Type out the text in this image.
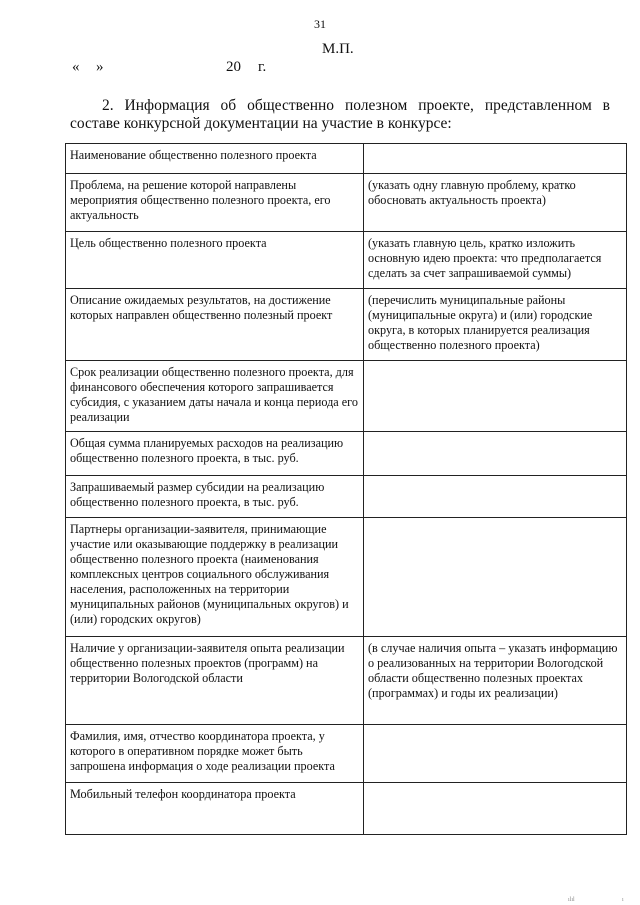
31
М.П.
« »	20 г.
2. Информация об общественно полезном проекте, представленном в составе конкурсной документации на участие в конкурсе:
Наименование общественно полезного проекта	
Проблема, на решение которой направлены мероприятия общественно полезного проекта, его актуальность	(указать одну главную проблему, кратко обосновать актуальность проекта)
Цель общественно полезного проекта	(указать главную цель, кратко изложить основную идею проекта: что предполагается сделать за счет запрашиваемой суммы)
Описание ожидаемых результатов, на достижение которых направлен общественно полезный проект	(перечислить муниципальные районы (муниципальные округа) и (или) городские округа, в которых планируется реализация общественно полезного проекта)
Срок реализации общественно полезного проекта, для финансового обеспечения которого запрашивается субсидия, с указанием даты начала и конца периода его реализации	
Общая сумма планируемых расходов на реализацию общественно полезного проекта, в тыс. руб.	
Запрашиваемый размер субсидии на реализацию общественно полезного проекта, в тыс. руб.	
Партнеры организации-заявителя, принимающие участие или оказывающие поддержку в реализации общественно полезного проекта (наименования комплексных центров социального обслуживания населения, расположенных на территории муниципальных районов (муниципальных округов) и (или) городских округов)	
Наличие у организации-заявителя опыта реализации общественно полезных проектов (программ) на территории Вологодской области	(в случае наличия опыта – указать информацию о реализованных на территории Вологодской области общественно полезных проектах (программах) и годы их реализации)
Фамилия, имя, отчество координатора проекта, у которого в оперативном порядке может быть запрошена информация о ходе реализации проекта	
Мобильный телефон координатора проекта	
ılıl	ı
